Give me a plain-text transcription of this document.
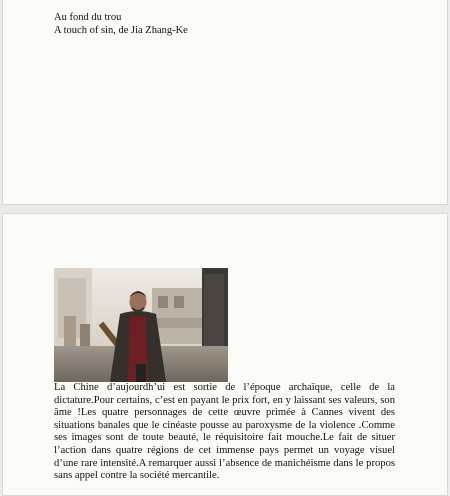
Au fond du trou
A touch of sin, de Jia Zhang-Ke
La Chine d’aujourdh’ui est sortie de l’époque archaïque, celle de la dictature.Pour certains, c’est en payant le prix fort, en y laissant ses valeurs, son âme !Les quatre personnages de cette œuvre primée à Cannes vivent des situations banales que le cinéaste pousse au paroxysme de la violence .Comme ses images sont de toute beauté, le réquisitoire fait mouche.Le fait de situer l’action dans quatre régions de cet immense pays permet un voyage visuel d’une rare intensité.A remarquer aussi l’absence de manichéisme dans le propos sans appel contre la société mercantile.
